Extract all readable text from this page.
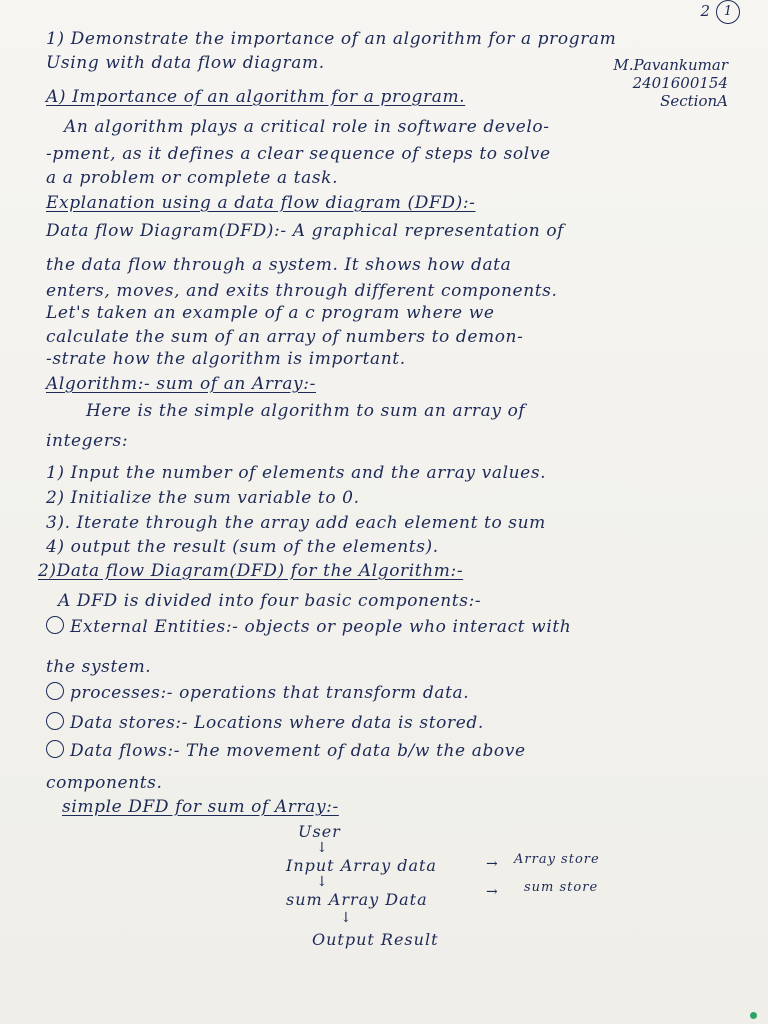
2	1
1) Demonstrate the importance of an algorithm for a program
Using with data flow diagram.	M.Pavankumar
2401600154
SectionA
A) Importance of an algorithm for a program.
An algorithm plays a critical role in software develo-
-pment, as it defines a clear sequence of steps to solve
a a problem or complete a task.
Explanation using a data flow diagram (DFD):-
Data flow Diagram(DFD):- A graphical representation of
the data flow through a system. It shows how data
enters, moves, and exits through different components.
Let's taken an example of a c program where we
calculate the sum of an array of numbers to demon-
-strate how the algorithm is important.
Algorithm:- sum of an Array:-
Here is the simple algorithm to sum an array of
integers:
1) Input the number of elements and the array values.
2) Initialize the sum variable to 0.
3). Iterate through the array add each element to sum
4) output the result (sum of the elements).
2)Data flow Diagram(DFD) for the Algorithm:-
A DFD is divided into four basic components:-
External Entities:- objects or people who interact with
the system.
processes:- operations that transform data.
Data stores:- Locations where data is stored.
Data flows:- The movement of data b/w the above
components.
simple DFD for sum of Array:-
User
↓
Input Array data	→ Array store
↓
sum Array Data	→ sum store
↓
Output Result
